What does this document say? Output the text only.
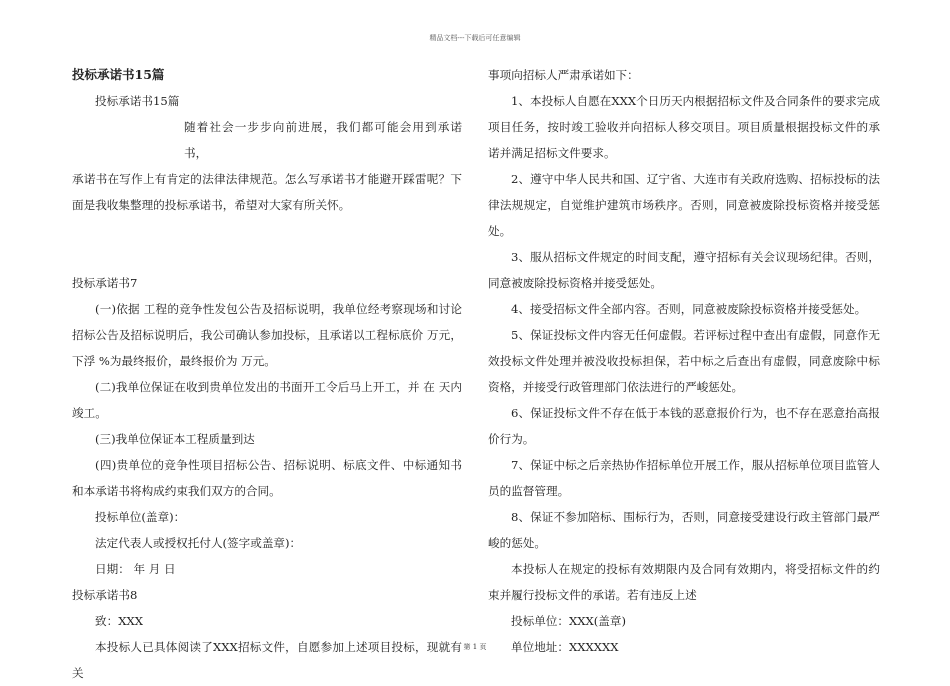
精品文档---下载后可任意编辑

投标承诺书15篇

投标承诺书15篇

随着社会一步步向前进展，我们都可能会用到承诺书，

承诺书在写作上有肯定的法律法律规范。怎么写承诺书才能避开踩雷呢？下面是我收集整理的投标承诺书，希望对大家有所关怀。

投标承诺书7

(一)依据 工程的竞争性发包公告及招标说明，我单位经考察现场和讨论招标公告及招标说明后，我公司确认参加投标，且承诺以工程标底价 万元，下浮 %为最终报价，最终报价为 万元。

(二)我单位保证在收到贵单位发出的书面开工令后马上开工，并 在 天内竣工。

(三)我单位保证本工程质量到达

(四)贵单位的竞争性项目招标公告、招标说明、标底文件、中标通知书和本承诺书将构成约束我们双方的合同。

投标单位(盖章)：

法定代表人或授权托付人(签字或盖章)：

日期： 年 月 日

投标承诺书8

致：XXX

本投标人已具体阅读了XXX招标文件，自愿参加上述项目投标，现就有关

事项向招标人严肃承诺如下：

1、本投标人自愿在XXX个日历天内根据招标文件及合同条件的要求完成项目任务，按时竣工验收并向招标人移交项目。项目质量根据投标文件的承诺并满足招标文件要求。

2、遵守中华人民共和国、辽宁省、大连市有关政府选购、招标投标的法律法规规定，自觉维护建筑市场秩序。否则，同意被废除投标资格并接受惩处。

3、服从招标文件规定的时间支配，遵守招标有关会议现场纪律。否则，同意被废除投标资格并接受惩处。

4、接受招标文件全部内容。否则，同意被废除投标资格并接受惩处。

5、保证投标文件内容无任何虚假。若评标过程中查出有虚假，同意作无效投标文件处理并被没收投标担保，若中标之后查出有虚假，同意废除中标资格，并接受行政管理部门依法进行的严峻惩处。

6、保证投标文件不存在低于本钱的恶意报价行为，也不存在恶意抬高报价行为。

7、保证中标之后亲热协作招标单位开展工作，服从招标单位项目监管人员的监督管理。

8、保证不参加陪标、围标行为，否则，同意接受建设行政主管部门最严峻的惩处。

本投标人在规定的投标有效期限内及合同有效期内，将受招标文件的约束并履行投标文件的承诺。若有违反上述

投标单位：XXX(盖章)

单位地址：XXXXXX

第 1 页
